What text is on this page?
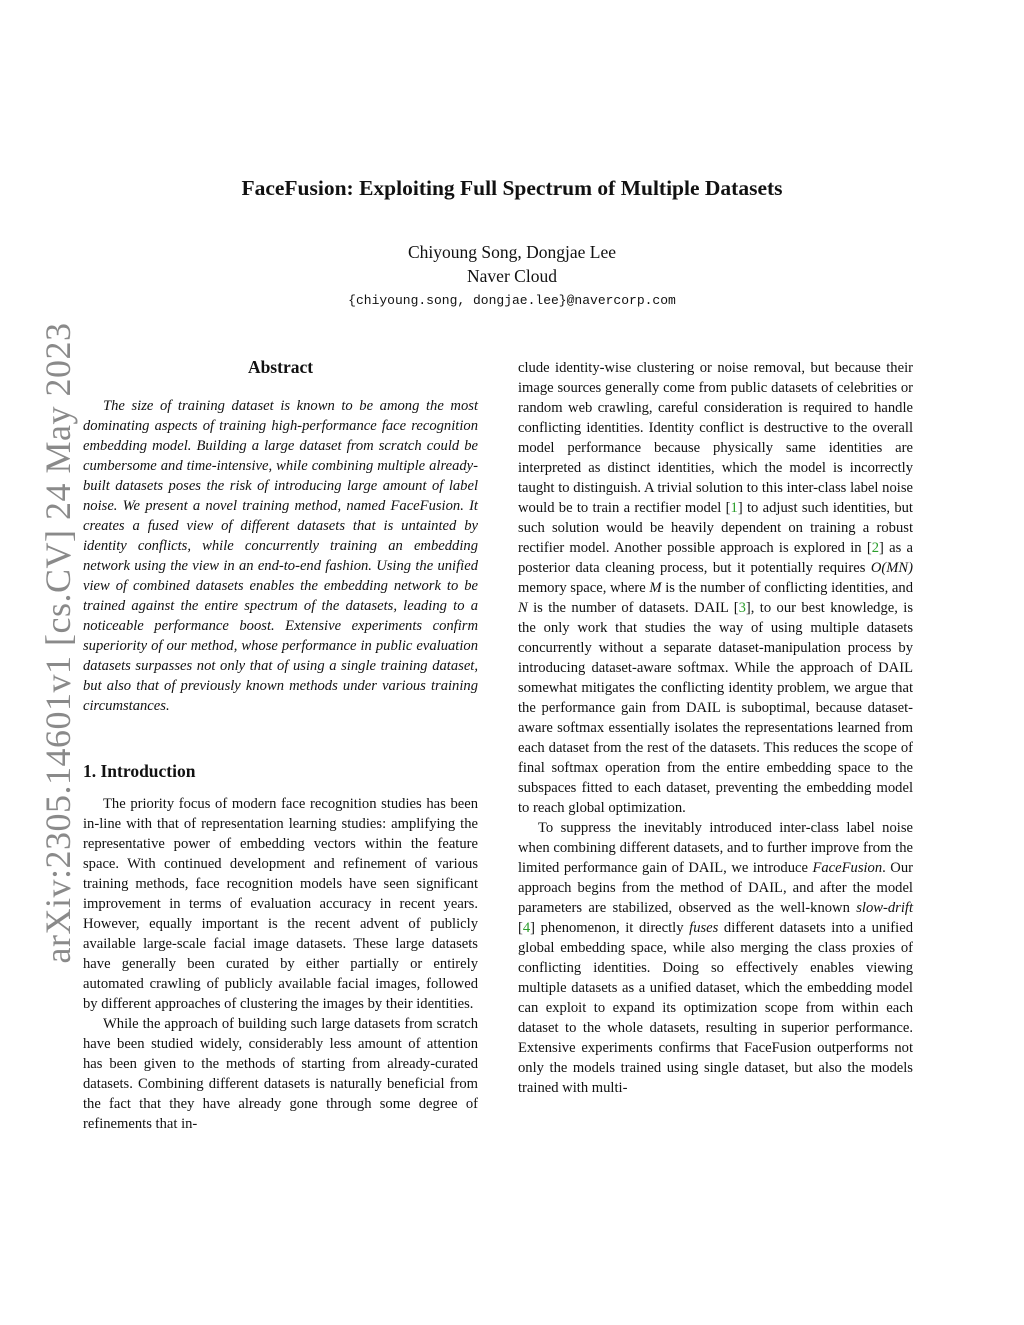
arXiv:2305.14601v1 [cs.CV] 24 May 2023
FaceFusion: Exploiting Full Spectrum of Multiple Datasets
Chiyoung Song, Dongjae Lee
Naver Cloud
{chiyoung.song, dongjae.lee}@navercorp.com
Abstract

The size of training dataset is known to be among the most dominating aspects of training high-performance face recognition embedding model. Building a large dataset from scratch could be cumbersome and time-intensive, while combining multiple already-built datasets poses the risk of introducing large amount of label noise. We present a novel training method, named FaceFusion. It creates a fused view of different datasets that is untainted by identity conflicts, while concurrently training an embedding network using the view in an end-to-end fashion. Using the unified view of combined datasets enables the embedding network to be trained against the entire spectrum of the datasets, leading to a noticeable performance boost. Extensive experiments confirm superiority of our method, whose performance in public evaluation datasets surpasses not only that of using a single training dataset, but also that of previously known methods under various training circumstances.

1. Introduction

The priority focus of modern face recognition studies has been in-line with that of representation learning studies: amplifying the representative power of embedding vectors within the feature space. With continued development and refinement of various training methods, face recognition models have seen significant improvement in terms of evaluation accuracy in recent years. However, equally important is the recent advent of publicly available large-scale facial image datasets. These large datasets have generally been curated by either partially or entirely automated crawling of publicly available facial images, followed by different approaches of clustering the images by their identities.

While the approach of building such large datasets from scratch have been studied widely, considerably less amount of attention has been given to the methods of starting from already-curated datasets. Combining different datasets is naturally beneficial from the fact that they have already gone through some degree of refinements that in-

clude identity-wise clustering or noise removal, but because their image sources generally come from public datasets of celebrities or random web crawling, careful consideration is required to handle conflicting identities. Identity conflict is destructive to the overall model performance because physically same identities are interpreted as distinct identities, which the model is incorrectly taught to distinguish. A trivial solution to this inter-class label noise would be to train a rectifier model [1] to adjust such identities, but such solution would be heavily dependent on training a robust rectifier model. Another possible approach is explored in [2] as a posterior data cleaning process, but it potentially requires O(MN) memory space, where M is the number of conflicting identities, and N is the number of datasets. DAIL [3], to our best knowledge, is the only work that studies the way of using multiple datasets concurrently without a separate dataset-manipulation process by introducing dataset-aware softmax. While the approach of DAIL somewhat mitigates the conflicting identity problem, we argue that the performance gain from DAIL is suboptimal, because dataset-aware softmax essentially isolates the representations learned from each dataset from the rest of the datasets. This reduces the scope of final softmax operation from the entire embedding space to the subspaces fitted to each dataset, preventing the embedding model to reach global optimization.

To suppress the inevitably introduced inter-class label noise when combining different datasets, and to further improve from the limited performance gain of DAIL, we introduce FaceFusion. Our approach begins from the method of DAIL, and after the model parameters are stabilized, observed as the well-known slow-drift [4] phenomenon, it directly fuses different datasets into a unified global embedding space, while also merging the class proxies of conflicting identities. Doing so effectively enables viewing multiple datasets as a unified dataset, which the embedding model can exploit to expand its optimization scope from within each dataset to the whole datasets, resulting in superior performance. Extensive experiments confirms that FaceFusion outperforms not only the models trained using single dataset, but also the models trained with multi-
